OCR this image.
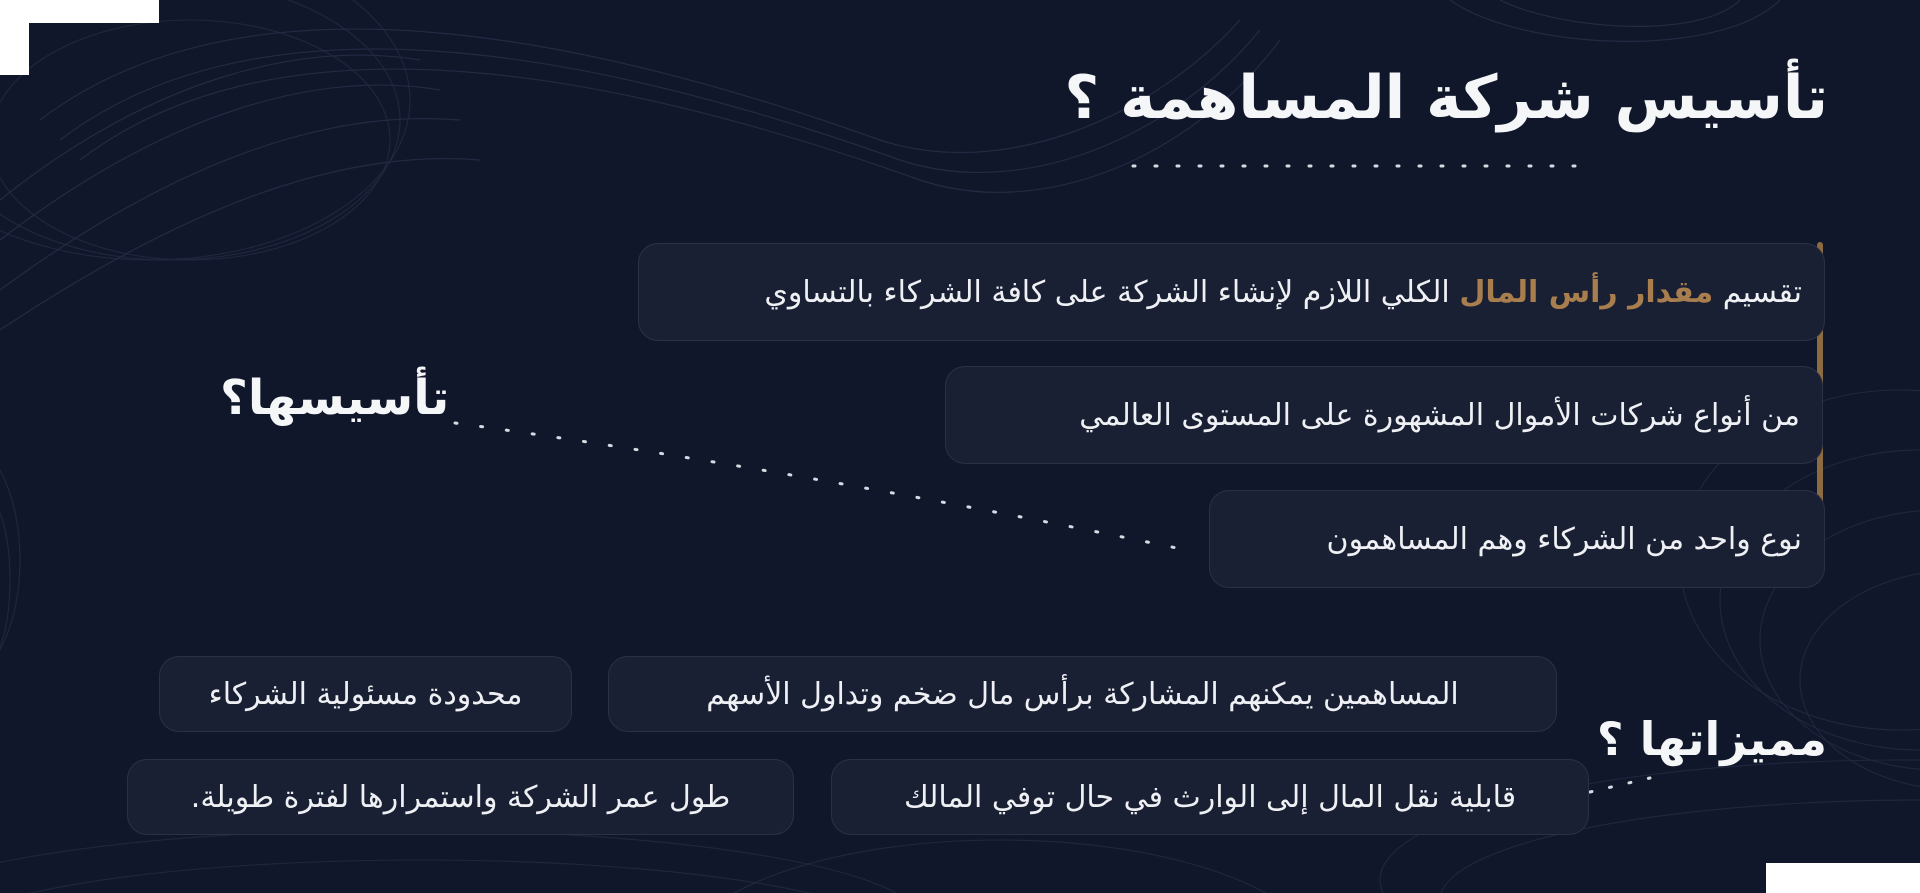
تأسيس شركة المساهمة ؟
تقسيم مقدار رأس المال الكلي اللازم لإنشاء الشركة على كافة الشركاء بالتساوي
من أنواع شركات الأموال المشهورة على المستوى العالمي
نوع واحد من الشركاء وهم المساهمون
تأسيسها؟
مميزاتها ؟
المساهمين يمكنهم المشاركة برأس مال ضخم وتداول الأسهم
محدودة مسئولية الشركاء
قابلية نقل المال إلى الوارث في حال توفي المالك
طول عمر الشركة واستمرارها لفترة طويلة.
